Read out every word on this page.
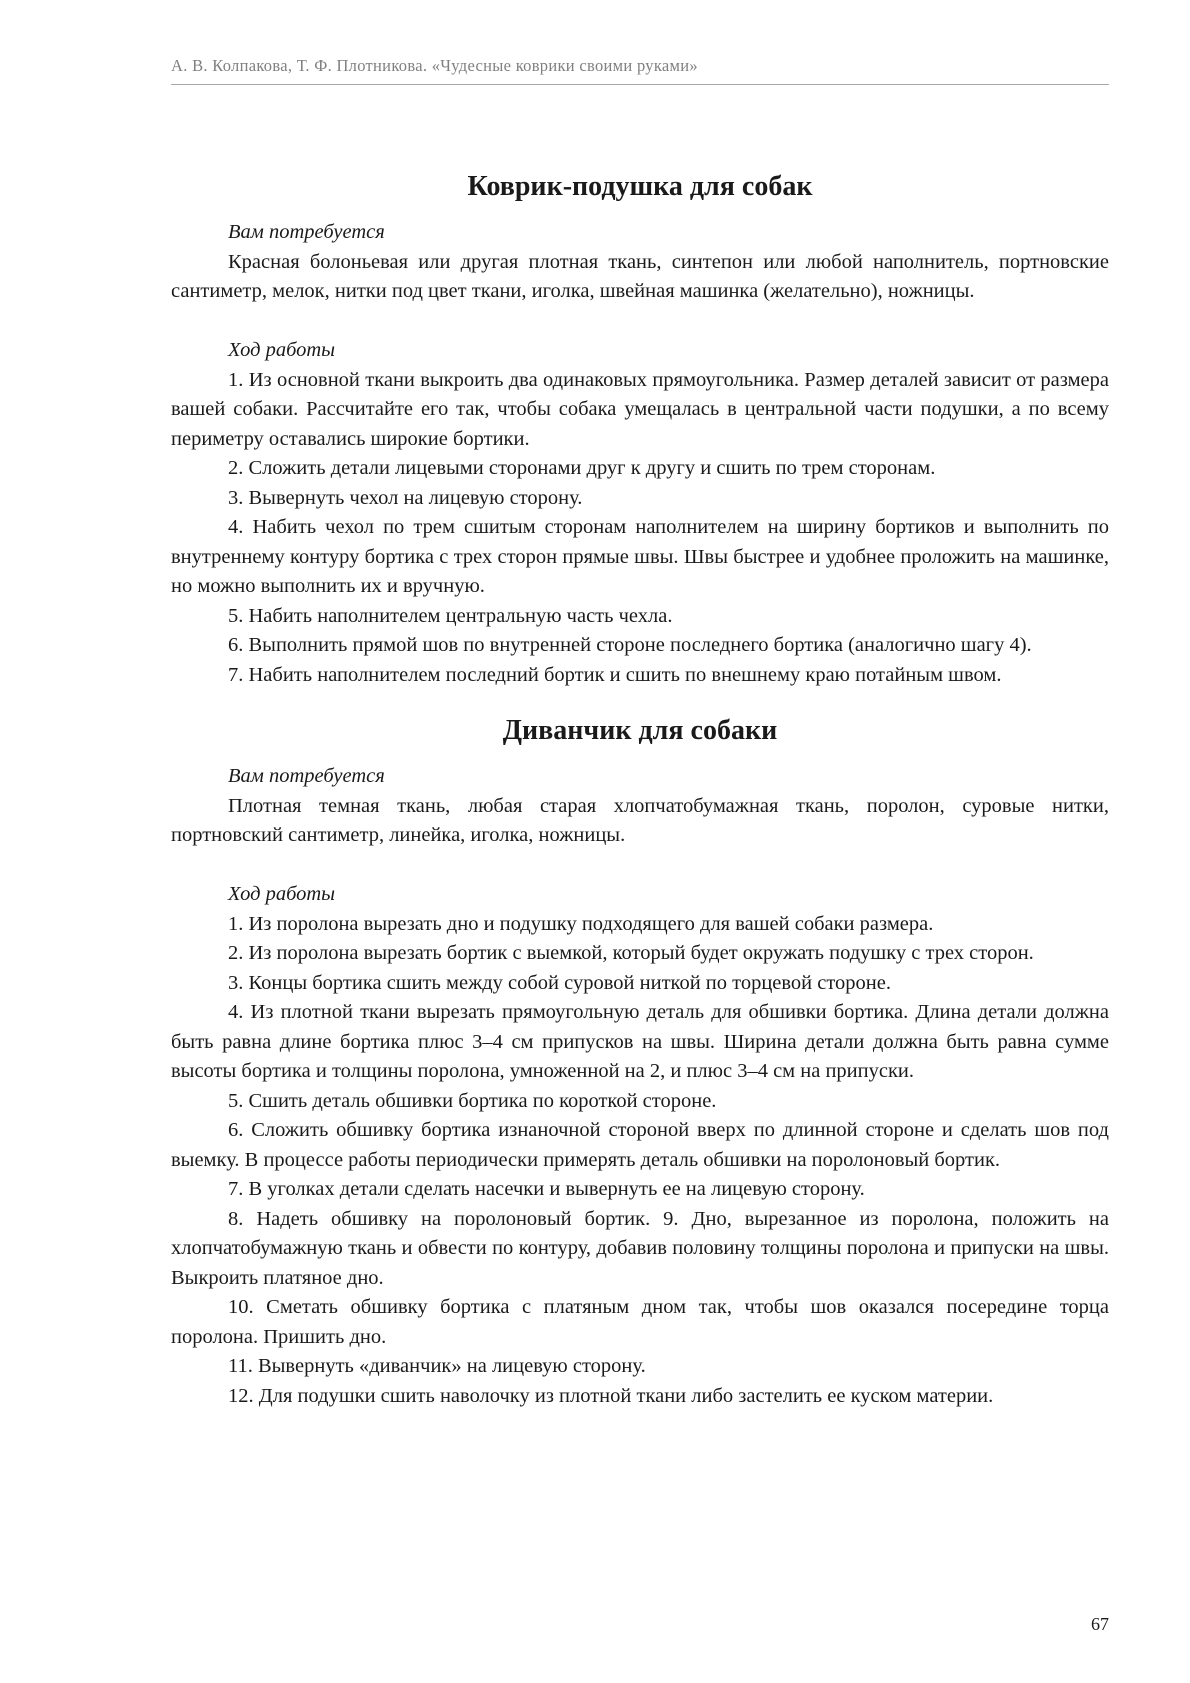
А. В. Колпакова, Т. Ф. Плотникова. «Чудесные коврики своими руками»
Коврик-подушка для собак

Вам потребуется

Красная болоньевая или другая плотная ткань, синтепон или любой наполнитель, портновские сантиметр, мелок, нитки под цвет ткани, иголка, швейная машинка (желательно), ножницы.

Ход работы

1. Из основной ткани выкроить два одинаковых прямоугольника. Размер деталей зависит от размера вашей собаки. Рассчитайте его так, чтобы собака умещалась в центральной части подушки, а по всему периметру оставались широкие бортики.

2. Сложить детали лицевыми сторонами друг к другу и сшить по трем сторонам.

3. Вывернуть чехол на лицевую сторону.

4. Набить чехол по трем сшитым сторонам наполнителем на ширину бортиков и выполнить по внутреннему контуру бортика с трех сторон прямые швы. Швы быстрее и удобнее проложить на машинке, но можно выполнить их и вручную.

5. Набить наполнителем центральную часть чехла.

6. Выполнить прямой шов по внутренней стороне последнего бортика (аналогично шагу 4).

7. Набить наполнителем последний бортик и сшить по внешнему краю потайным швом.

Диванчик для собаки

Вам потребуется

Плотная темная ткань, любая старая хлопчатобумажная ткань, поролон, суровые нитки, портновский сантиметр, линейка, иголка, ножницы.

Ход работы

1. Из поролона вырезать дно и подушку подходящего для вашей собаки размера.

2. Из поролона вырезать бортик с выемкой, который будет окружать подушку с трех сторон.

3. Концы бортика сшить между собой суровой ниткой по торцевой стороне.

4. Из плотной ткани вырезать прямоугольную деталь для обшивки бортика. Длина детали должна быть равна длине бортика плюс 3–4 см припусков на швы. Ширина детали должна быть равна сумме высоты бортика и толщины поролона, умноженной на 2, и плюс 3–4 см на припуски.

5. Сшить деталь обшивки бортика по короткой стороне.

6. Сложить обшивку бортика изнаночной стороной вверх по длинной стороне и сделать шов под выемку. В процессе работы периодически примерять деталь обшивки на поролоновый бортик.

7. В уголках детали сделать насечки и вывернуть ее на лицевую сторону.

8. Надеть обшивку на поролоновый бортик. 9. Дно, вырезанное из поролона, положить на хлопчатобумажную ткань и обвести по контуру, добавив половину толщины поролона и припуски на швы. Выкроить платяное дно.

10. Сметать обшивку бортика с платяным дном так, чтобы шов оказался посередине торца поролона. Пришить дно.

11. Вывернуть «диванчик» на лицевую сторону.

12. Для подушки сшить наволочку из плотной ткани либо застелить ее куском материи.

67
